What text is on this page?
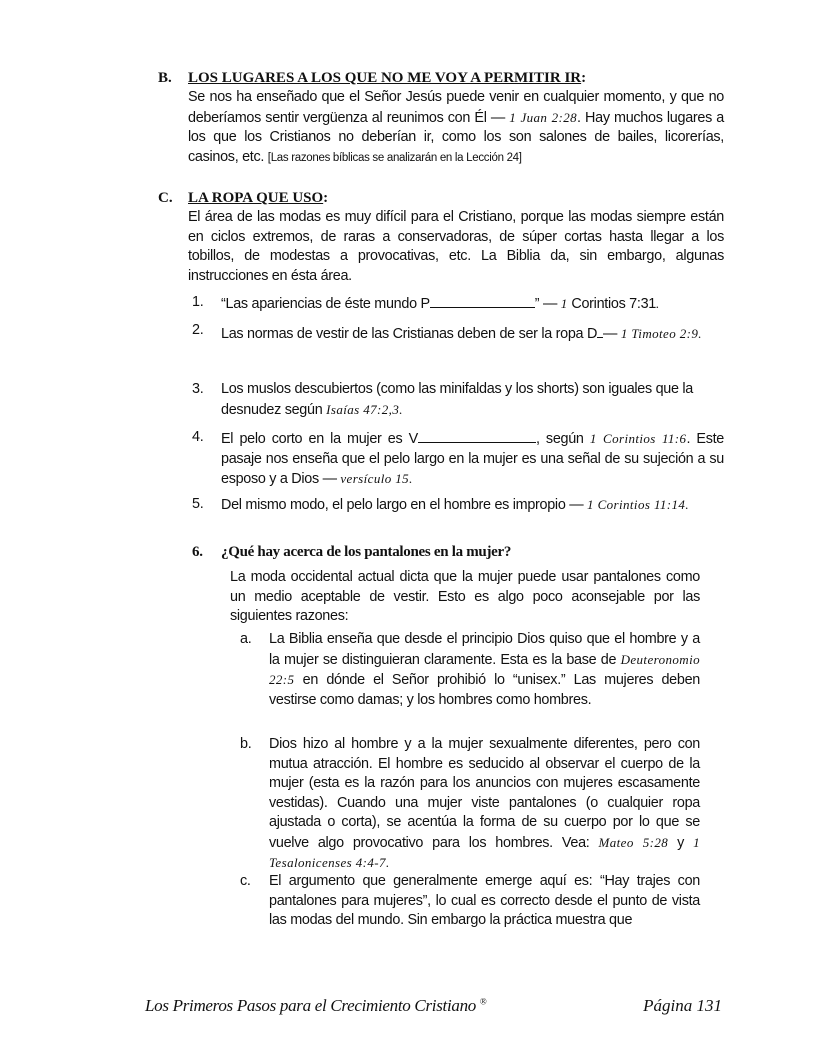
B. LOS LUGARES A LOS QUE NO ME VOY A PERMITIR IR:
Se nos ha enseñado que el Señor Jesús puede venir en cualquier momento, y que no deberíamos sentir vergüenza al reunimos con Él — 1 Juan 2:28. Hay muchos lugares a los que los Cristianos no deberían ir, como los son salones de bailes, licorerías, casinos, etc. [Las razones bíblicas se analizarán en la Lección 24]
C. LA ROPA QUE USO:
El área de las modas es muy difícil para el Cristiano, porque las modas siempre están en ciclos extremos, de raras a conservadoras, de súper cortas hasta llegar a los tobillos, de modestas a provocativas, etc. La Biblia da, sin embargo, algunas instrucciones en ésta área.
1.	“Las apariencias de éste mundo P	” — 1 Corintios 7:31.
2.	Las normas de vestir de las Cristianas deben de ser la ropa D — 1 Timoteo 2:9.
3.	Los muslos descubiertos (como las minifaldas y los shorts) son iguales que la desnudez según Isaías 47:2,3.
4.	El pelo corto en la mujer es V	, según 1 Corintios 11:6. Este pasaje nos enseña que el pelo largo en la mujer es una señal de su sujeción a su esposo y a Dios — versículo 15.
5.	Del mismo modo, el pelo largo en el hombre es impropio — 1 Corintios 11:14.
6.	¿Qué hay acerca de los pantalones en la mujer?
La moda occidental actual dicta que la mujer puede usar pantalones como un medio aceptable de vestir. Esto es algo poco aconsejable por las siguientes razones:
a.	La Biblia enseña que desde el principio Dios quiso que el hombre y a la mujer se distinguieran claramente. Esta es la base de Deuteronomio 22:5 en dónde el Señor prohibió lo “unisex.” Las mujeres deben vestirse como damas; y los hombres como hombres.
b.	Dios hizo al hombre y a la mujer sexualmente diferentes, pero con mutua atracción. El hombre es seducido al observar el cuerpo de la mujer (esta es la razón para los anuncios con mujeres escasamente vestidas). Cuando una mujer viste pantalones (o cualquier ropa ajustada o corta), se acentúa la forma de su cuerpo por lo que se vuelve algo provocativo para los hombres. Vea: Mateo 5:28 y 1 Tesalonicenses 4:4-7.
c.	El argumento que generalmente emerge aquí es: “Hay trajes con pantalones para mujeres”, lo cual es correcto desde el punto de vista las modas del mundo. Sin embargo la práctica muestra que
Los Primeros Pasos para el Crecimiento Cristiano ®	Página 131
